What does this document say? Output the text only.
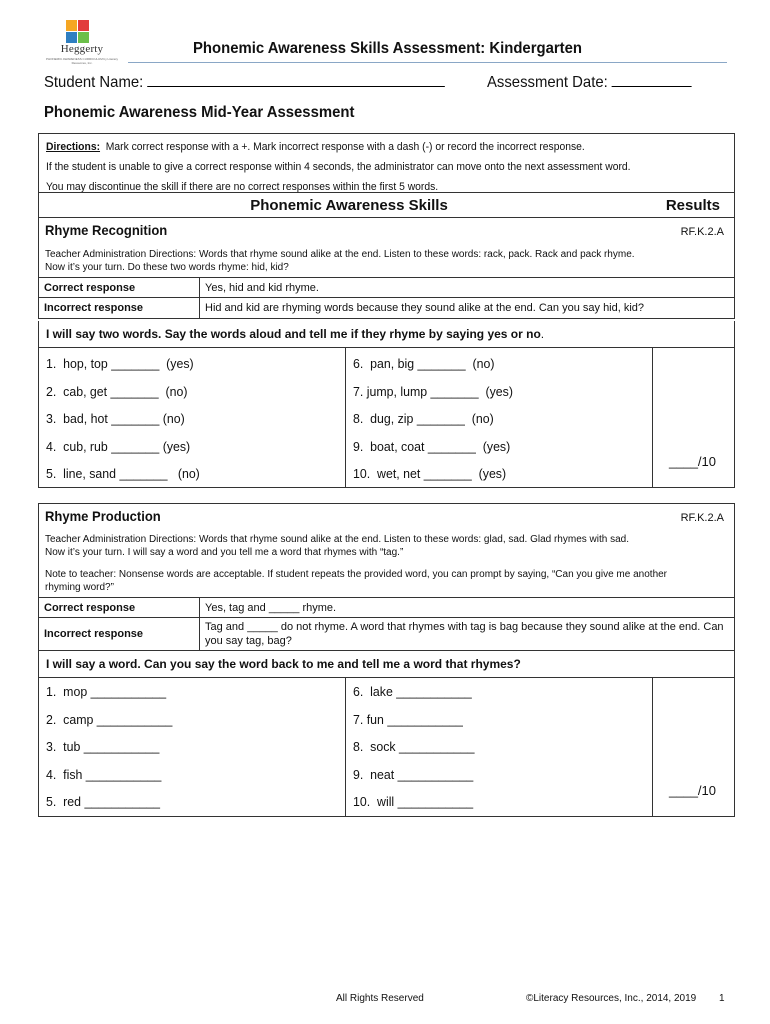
Heggerty
PHONEMIC AWARENESS CURRICULUM by Literacy Resources, Inc.
Phonemic Awareness Skills Assessment: Kindergarten
Student Name:	Assessment Date:
Phonemic Awareness Mid-Year Assessment
Directions: Mark correct response with a +. Mark incorrect response with a dash (-) or record the incorrect response.
If the student is unable to give a correct response within 4 seconds, the administrator can move onto the next assessment word.
You may discontinue the skill if there are no correct responses within the first 5 words.
Phonemic Awareness Skills	Results
Rhyme Recognition	RF.K.2.A
Teacher Administration Directions: Words that rhyme sound alike at the end. Listen to these words: rack, pack. Rack and pack rhyme.
Now it’s your turn. Do these two words rhyme: hid, kid?
Correct response	Yes, hid and kid rhyme.
Incorrect response	Hid and kid are rhyming words because they sound alike at the end. Can you say hid, kid?
I will say two words. Say the words aloud and tell me if they rhyme by saying yes or no.
1.  hop, top _______  (yes)
2.  cab, get _______  (no)
3.  bad, hot _______ (no)
4.  cub, rub _______ (yes)
5.  line, sand _______   (no)
6.  pan, big _______  (no)
7. jump, lump _______  (yes)
8.  dug, zip _______  (no)
9.  boat, coat _______  (yes)
10.  wet, net _______  (yes)
____/10
Rhyme Production	RF.K.2.A
Teacher Administration Directions: Words that rhyme sound alike at the end. Listen to these words: glad, sad. Glad rhymes with sad.
Now it’s your turn. I will say a word and you tell me a word that rhymes with “tag.”
Note to teacher: Nonsense words are acceptable. If student repeats the provided word, you can prompt by saying, “Can you give me another
rhyming word?”
Correct response	Yes, tag and _____ rhyme.
Incorrect response	Tag and _____ do not rhyme. A word that rhymes with tag is bag because they sound alike at the end. Can
you say tag, bag?
I will say a word. Can you say the word back to me and tell me a word that rhymes?
1.  mop ___________
2.  camp ___________
3.  tub ___________
4.  fish ___________
5.  red ___________
6.  lake ___________
7. fun ___________
8.  sock ___________
9.  neat ___________
10.  will ___________
____/10
All Rights Reserved	©Literacy Resources, Inc., 2014, 2019 1
